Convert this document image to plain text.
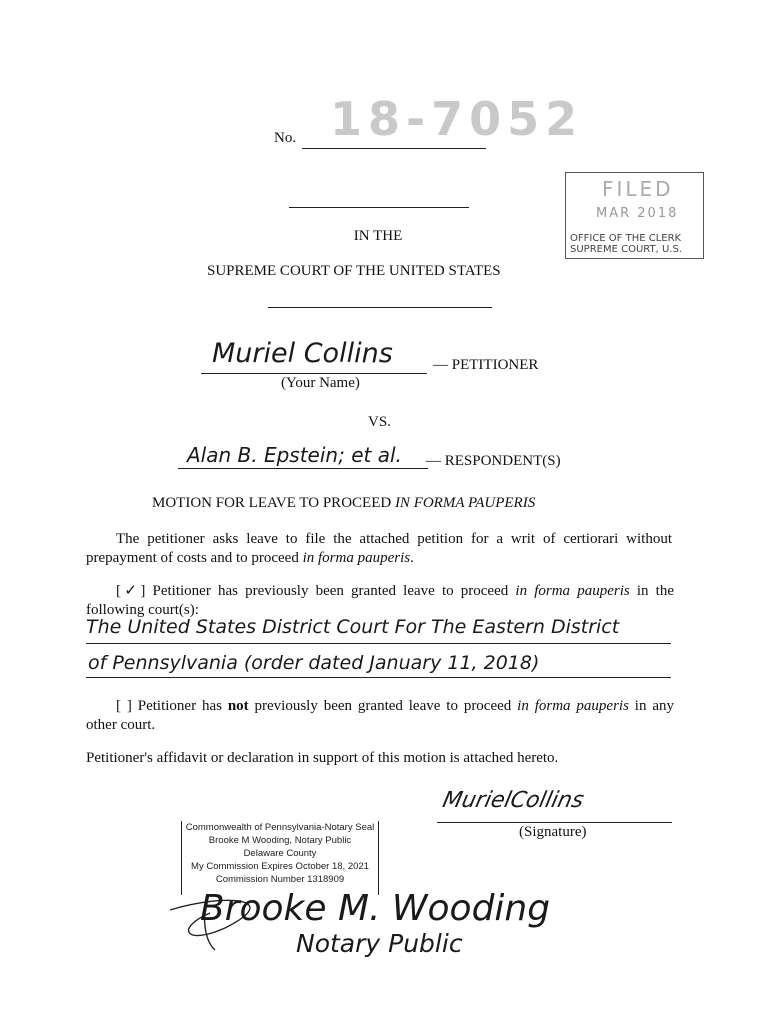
No. 18-7052
FILED
MAR 2018
OFFICE OF THE CLERK
SUPREME COURT, U.S.
IN THE
SUPREME COURT OF THE UNITED STATES
Muriel Collins	— PETITIONER
(Your Name)
VS.
Alan B. Epstein; et al. — RESPONDENT(S)
MOTION FOR LEAVE TO PROCEED IN FORMA PAUPERIS
The petitioner asks leave to file the attached petition for a writ of certiorari without prepayment of costs and to proceed in forma pauperis.
[✓] Petitioner has previously been granted leave to proceed in forma pauperis in the following court(s):
The United States District Court For The Eastern District
of Pennsylvania (order dated January 11, 2018)
[ ] Petitioner has not previously been granted leave to proceed in forma pauperis in any other court.
Petitioner's affidavit or declaration in support of this motion is attached hereto.
MurielCollins
(Signature)
Commonwealth of Pennsylvania-Notary Seal
Brooke M Wooding, Notary Public
Delaware County
My Commission Expires October 18, 2021
Commission Number 1318909
Brooke M. Wooding
Notary Public
